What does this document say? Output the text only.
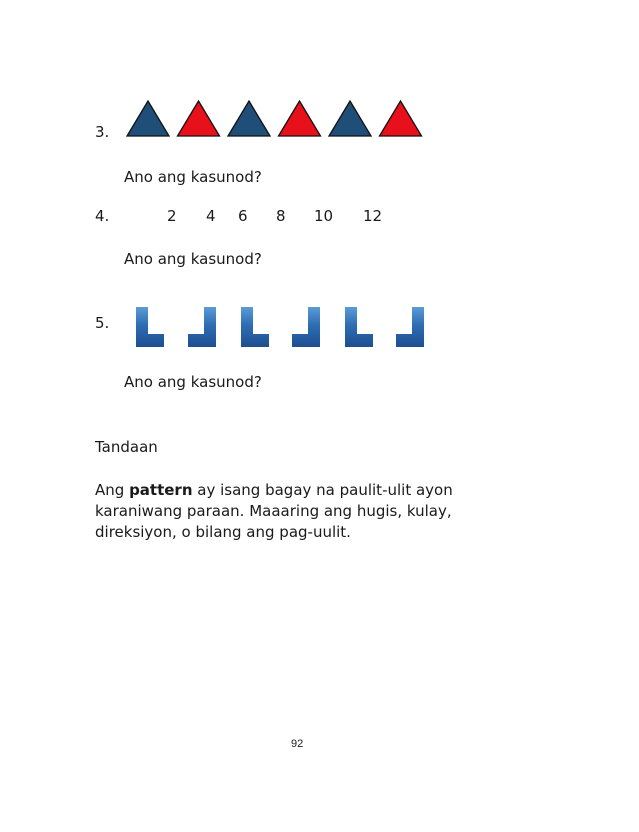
3.
Ano ang kasunod?
4.	2 4 6 8 10 12
Ano ang kasunod?
5.
Ano ang kasunod?
Tandaan
Ang pattern ay isang bagay na paulit-ulit ayon karaniwang paraan. Maaaring ang hugis, kulay, direksiyon, o bilang ang pag-uulit.
92
